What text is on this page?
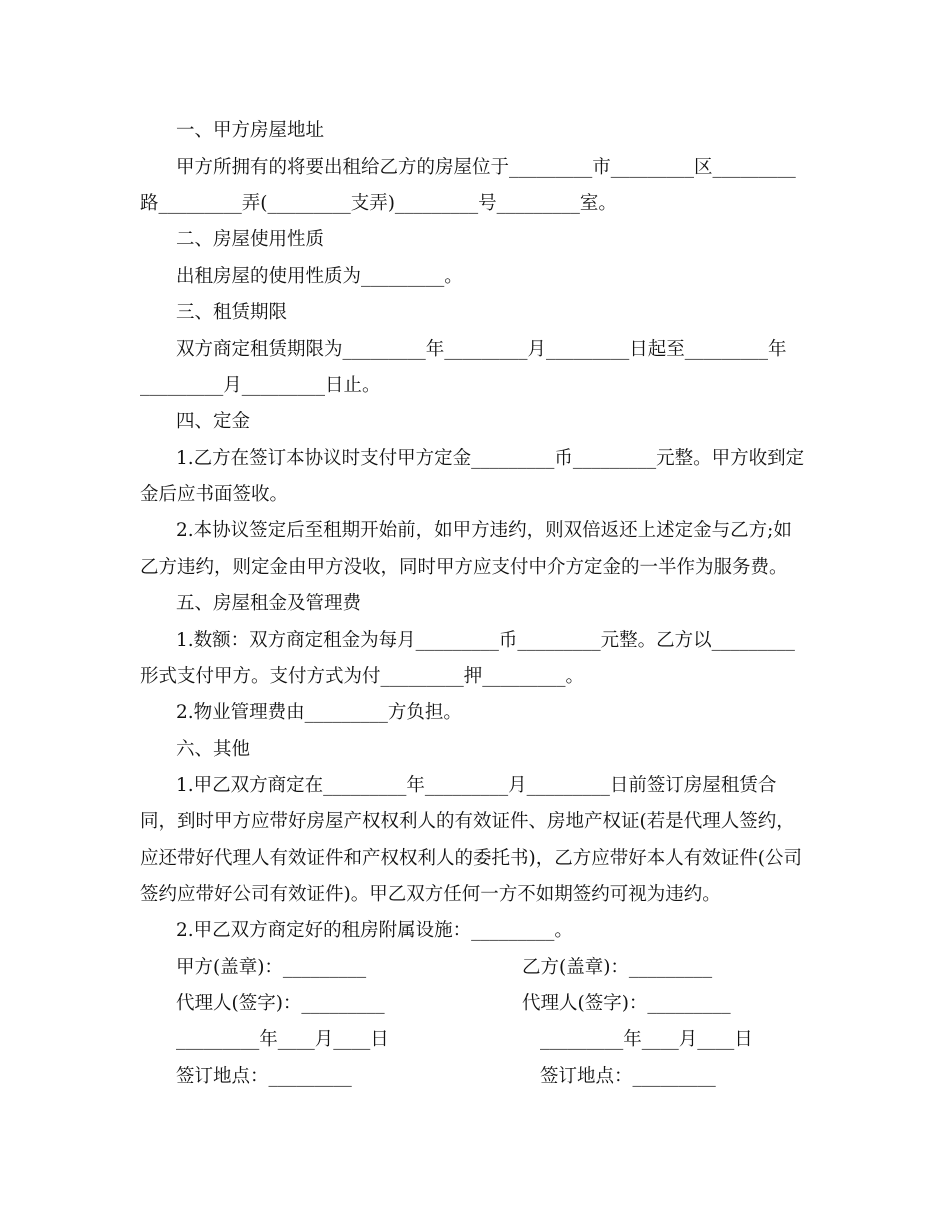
一、甲方房屋地址
甲方所拥有的将要出租给乙方的房屋位于_________市_________区_________
路_________弄(_________支弄)_________号_________室。
二、房屋使用性质
出租房屋的使用性质为_________。
三、租赁期限
双方商定租赁期限为_________年_________月_________日起至_________年
_________月_________日止。
四、定金
1.乙方在签订本协议时支付甲方定金_________币_________元整。甲方收到定
金后应书面签收。
2.本协议签定后至租期开始前，如甲方违约，则双倍返还上述定金与乙方;如
乙方违约，则定金由甲方没收，同时甲方应支付中介方定金的一半作为服务费。
五、房屋租金及管理费
1.数额：双方商定租金为每月_________币_________元整。乙方以_________
形式支付甲方。支付方式为付_________押_________。
2.物业管理费由_________方负担。
六、其他
1.甲乙双方商定在_________年_________月_________日前签订房屋租赁合
同，到时甲方应带好房屋产权权利人的有效证件、房地产权证(若是代理人签约，
应还带好代理人有效证件和产权权利人的委托书)，乙方应带好本人有效证件(公司
签约应带好公司有效证件)。甲乙双方任何一方不如期签约可视为违约。
2.甲乙双方商定好的租房附属设施：_________。
甲方(盖章)：_________	乙方(盖章)：_________
代理人(签字)：_________	代理人(签字)：_________
_________年____月____日	_________年____月____日
签订地点：_________	签订地点：_________
